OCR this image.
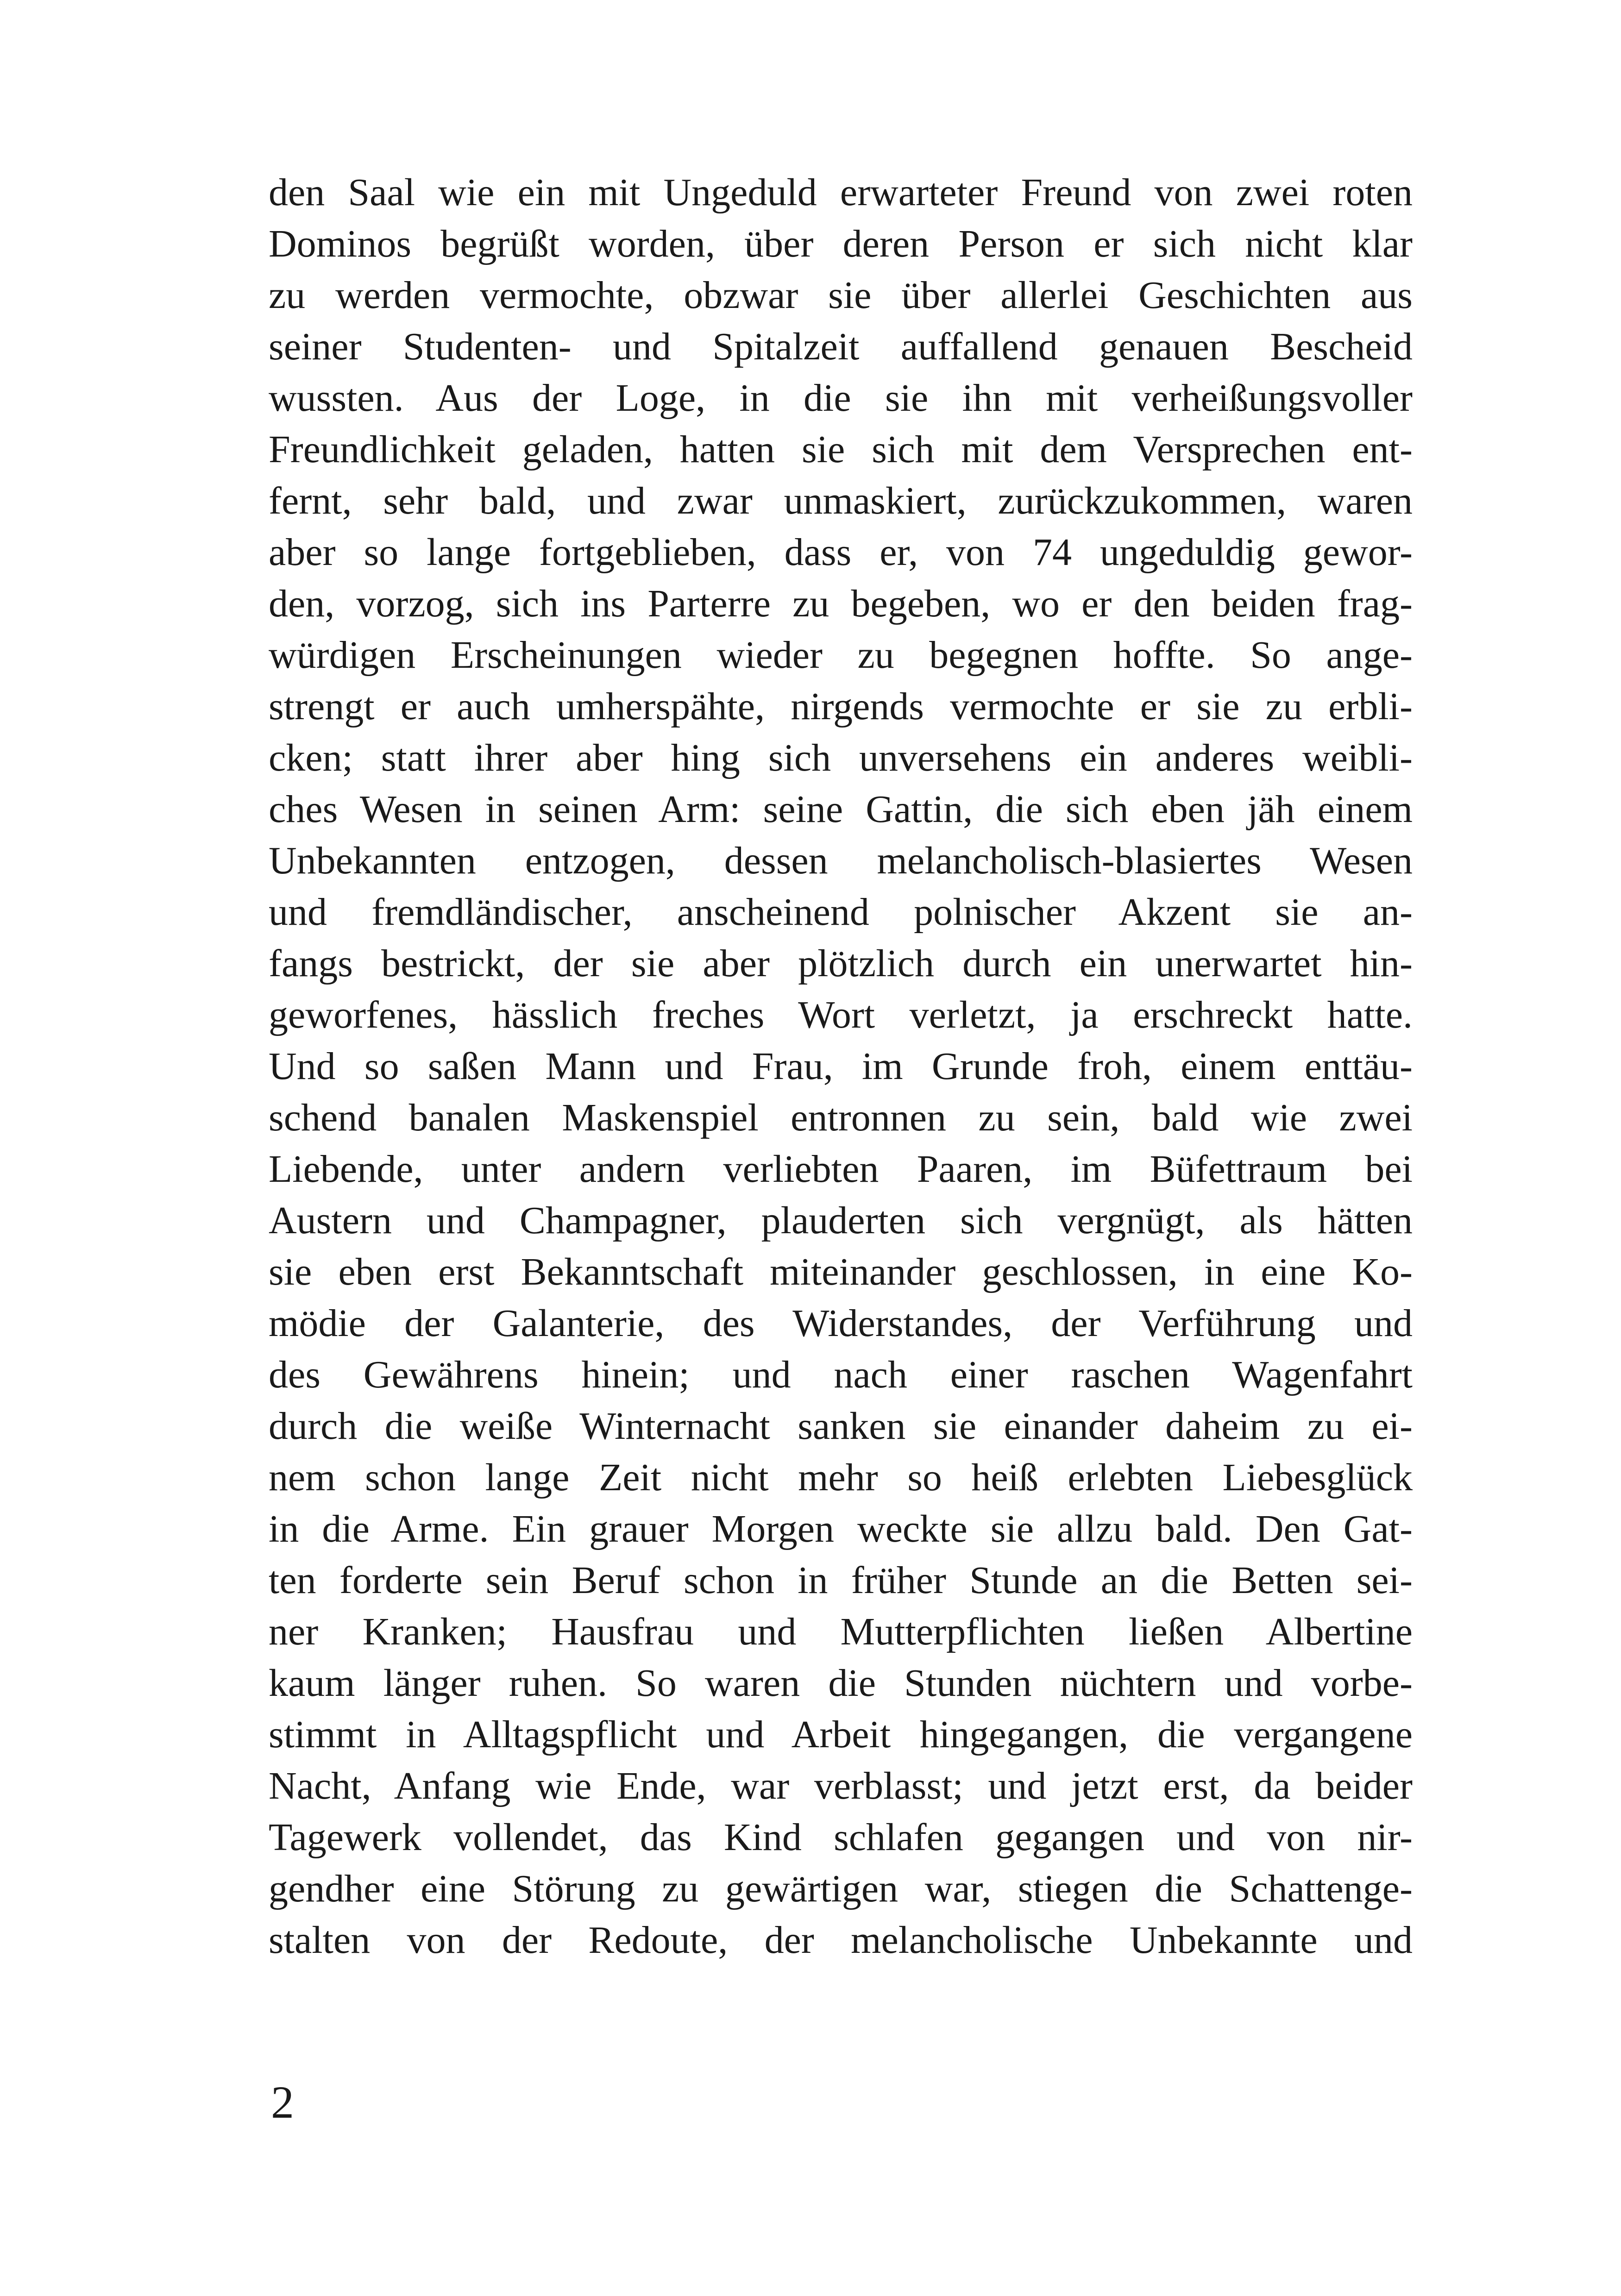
den Saal wie ein mit Ungeduld erwarteter Freund von zwei roten
Dominos begrüßt worden, über deren Person er sich nicht klar
zu werden vermochte, obzwar sie über allerlei Geschichten aus
seiner Studenten- und Spitalzeit auffallend genauen Bescheid
wussten. Aus der Loge, in die sie ihn mit verheißungsvoller
Freundlichkeit geladen, hatten sie sich mit dem Versprechen ent-
fernt, sehr bald, und zwar unmaskiert, zurückzukommen, waren
aber so lange fortgeblieben, dass er, von 74 ungeduldig gewor-
den, vorzog, sich ins Parterre zu begeben, wo er den beiden frag-
würdigen Erscheinungen wieder zu begegnen hoffte. So ange-
strengt er auch umherspähte, nirgends vermochte er sie zu erbli-
cken; statt ihrer aber hing sich unversehens ein anderes weibli-
ches Wesen in seinen Arm: seine Gattin, die sich eben jäh einem
Unbekannten entzogen, dessen melancholisch-blasiertes Wesen
und fremdländischer, anscheinend polnischer Akzent sie an-
fangs bestrickt, der sie aber plötzlich durch ein unerwartet hin-
geworfenes, hässlich freches Wort verletzt, ja erschreckt hatte.
Und so saßen Mann und Frau, im Grunde froh, einem enttäu-
schend banalen Maskenspiel entronnen zu sein, bald wie zwei
Liebende, unter andern verliebten Paaren, im Büfettraum bei
Austern und Champagner, plauderten sich vergnügt, als hätten
sie eben erst Bekanntschaft miteinander geschlossen, in eine Ko-
mödie der Galanterie, des Widerstandes, der Verführung und
des Gewährens hinein; und nach einer raschen Wagenfahrt
durch die weiße Winternacht sanken sie einander daheim zu ei-
nem schon lange Zeit nicht mehr so heiß erlebten Liebesglück
in die Arme. Ein grauer Morgen weckte sie allzu bald. Den Gat-
ten forderte sein Beruf schon in früher Stunde an die Betten sei-
ner Kranken; Hausfrau und Mutterpflichten ließen Albertine
kaum länger ruhen. So waren die Stunden nüchtern und vorbe-
stimmt in Alltagspflicht und Arbeit hingegangen, die vergangene
Nacht, Anfang wie Ende, war verblasst; und jetzt erst, da beider
Tagewerk vollendet, das Kind schlafen gegangen und von nir-
gendher eine Störung zu gewärtigen war, stiegen die Schattenge-
stalten von der Redoute, der melancholische Unbekannte und
2
